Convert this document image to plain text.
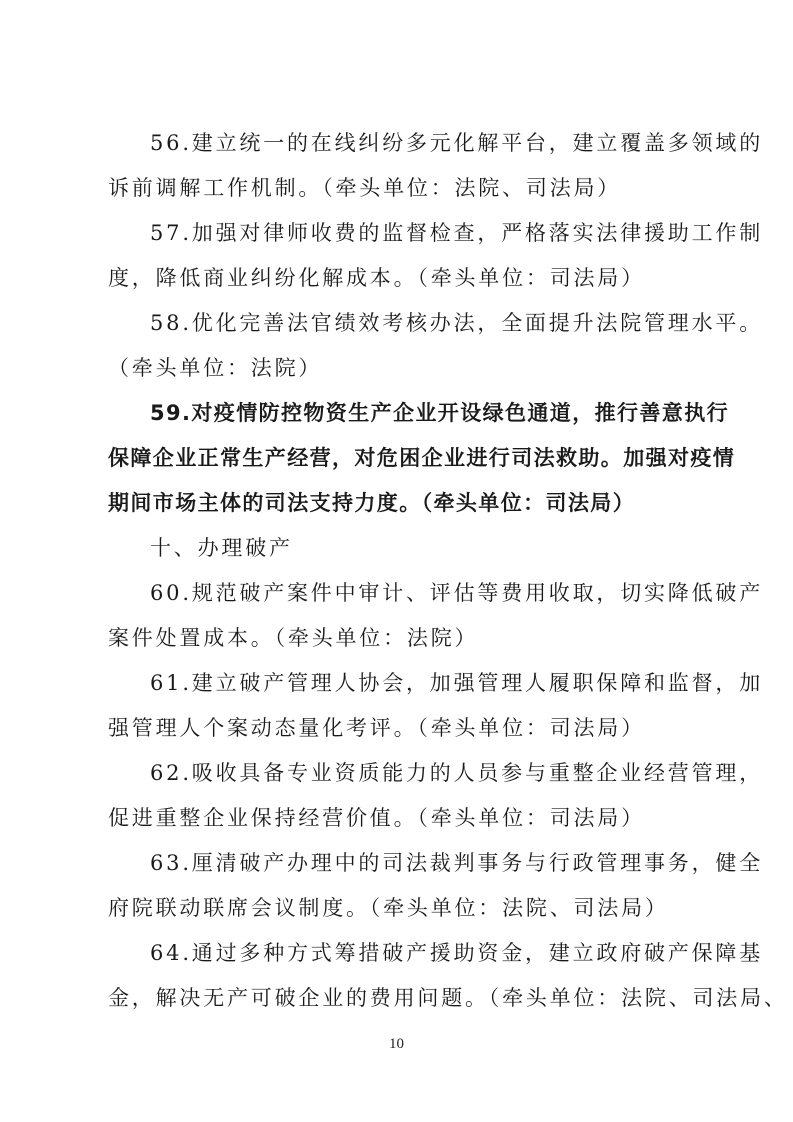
56.建立统一的在线纠纷多元化解平台，建立覆盖多领域的
诉前调解工作机制。（牵头单位：法院、司法局）
57.加强对律师收费的监督检查，严格落实法律援助工作制
度，降低商业纠纷化解成本。（牵头单位：司法局）
58.优化完善法官绩效考核办法，全面提升法院管理水平。
（牵头单位：法院）
59.对疫情防控物资生产企业开设绿色通道，推行善意执行
保障企业正常生产经营，对危困企业进行司法救助。加强对疫情
期间市场主体的司法支持力度。（牵头单位：司法局）
十、办理破产
60.规范破产案件中审计、评估等费用收取，切实降低破产
案件处置成本。（牵头单位：法院）
61.建立破产管理人协会，加强管理人履职保障和监督，加
强管理人个案动态量化考评。（牵头单位：司法局）
62.吸收具备专业资质能力的人员参与重整企业经营管理，
促进重整企业保持经营价值。（牵头单位：司法局）
63.厘清破产办理中的司法裁判事务与行政管理事务，健全
府院联动联席会议制度。（牵头单位：法院、司法局）
64.通过多种方式筹措破产援助资金，建立政府破产保障基
金，解决无产可破企业的费用问题。（牵头单位：法院、司法局、
10
